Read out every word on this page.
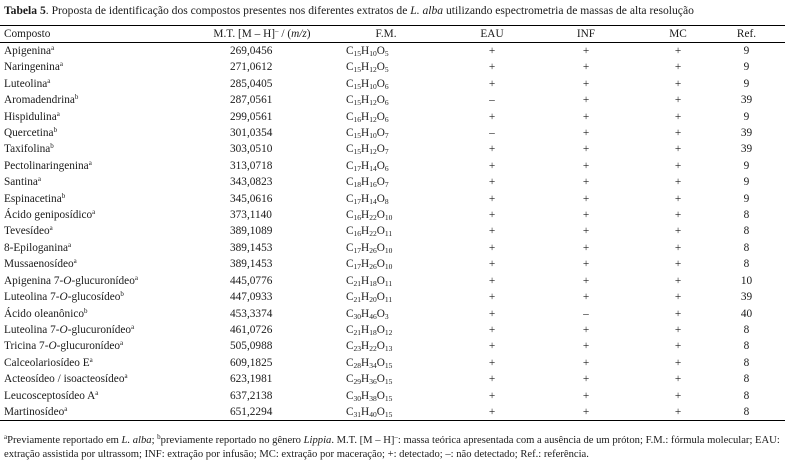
Tabela 5. Proposta de identificação dos compostos presentes nos diferentes extratos de L. alba utilizando espectrometria de massas de alta resolução
Composto	M.T. [M – H]– / (m/z)	F.M.	EAU	INF	MC	Ref.
Apigenina$^a$	269,0456	$C_{15}H_{10}O_5$	+	+	+	9
Naringenina$^a$	271,0612	$C_{15}H_{12}O_5$	+	+	+	9
Luteolina$^a$	285,0405	$C_{15}H_{10}O_6$	+	+	+	9
Aromadendrina$^b$	287,0561	$C_{15}H_{12}O_6$	–	+	+	39
Hispidulina$^a$	299,0561	$C_{16}H_{12}O_6$	+	+	+	9
Quercetina$^b$	301,0354	$C_{15}H_{10}O_7$	–	+	+	39
Taxifolina$^b$	303,0510	$C_{15}H_{12}O_7$	+	+	+	39
Pectolinaringenina$^a$	313,0718	$C_{17}H_{14}O_6$	+	+	+	9
Santina$^a$	343,0823	$C_{18}H_{16}O_7$	+	+	+	9
Espinacetina$^b$	345,0616	$C_{17}H_{14}O_8$	+	+	+	9
Ácido geniposídico$^a$	373,1140	$C_{16}H_{22}O_{10}$	+	+	+	8
Tevesídeo$^a$	389,1089	$C_{16}H_{22}O_{11}$	+	+	+	8
8-Epiloganina$^a$	389,1453	$C_{17}H_{26}O_{10}$	+	+	+	8
Mussaenosídeo$^a$	389,1453	$C_{17}H_{26}O_{10}$	+	+	+	8
Apigenina 7-O-glucuronídeo$^a$	445,0776	$C_{21}H_{18}O_{11}$	+	+	+	10
Luteolina 7-O-glucosídeo$^b$	447,0933	$C_{21}H_{20}O_{11}$	+	+	+	39
Ácido oleanônico$^b$	453,3374	$C_{30}H_{46}O_3$	+	–	+	40
Luteolina 7-O-glucuronídeo$^a$	461,0726	$C_{21}H_{18}O_{12}$	+	+	+	8
Tricina 7-O-glucuronídeo$^a$	505,0988	$C_{23}H_{22}O_{13}$	+	+	+	8
Calceolariosídeo $E^a$	609,1825	$C_{28}H_{34}O_{15}$	+	+	+	8
Acteosídeo / isoacteosídeo$^a$	623,1981	$C_{29}H_{36}O_{15}$	+	+	+	8
Leucosceptosídeo $A^a$	637,2138	$C_{30}H_{38}O_{15}$	+	+	+	8
Martinosídeo$^a$	651,2294	$C_{31}H_{40}O_{15}$	+	+	+	8
$^a$Previamente reportado em L. alba; $^b$previamente reportado no gênero Lippia. M.T. [M – H]–: massa teórica apresentada com a ausência de um próton; F.M.: fórmula molecular; EAU: extração assistida por ultrassom; INF: extração por infusão; MC: extração por maceração; +: detectado; –: não detectado; Ref.: referência.
